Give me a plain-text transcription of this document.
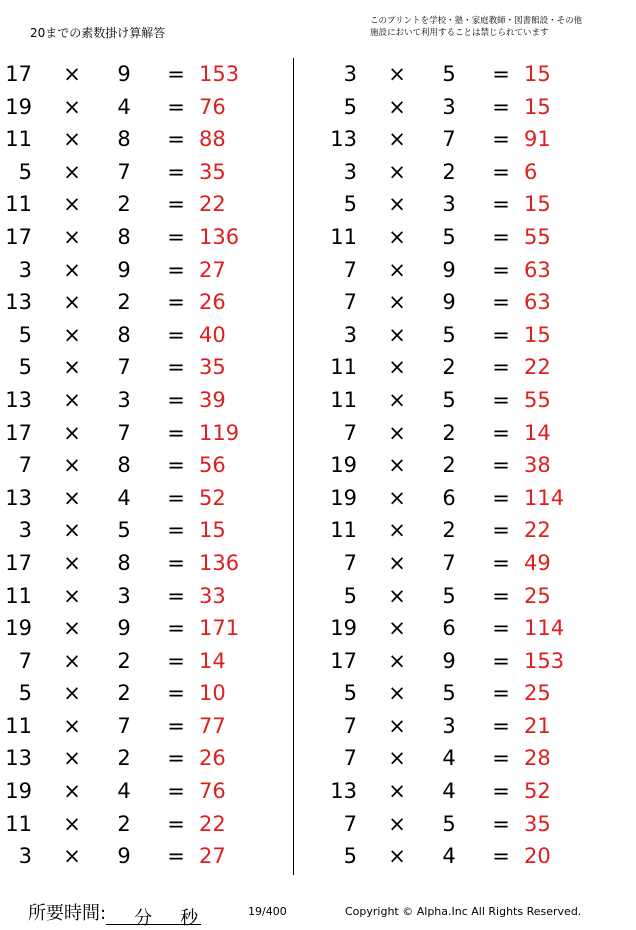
20までの素数掛け算解答
このプリントを学校・塾・家庭教師・図書館設・その他
施設において利用することは禁じられています
17 × 9 = 153
19 × 4 = 76
11 × 8 = 88
5 × 7 = 35
11 × 2 = 22
17 × 8 = 136
3 × 9 = 27
13 × 2 = 26
5 × 8 = 40
5 × 7 = 35
13 × 3 = 39
17 × 7 = 119
7 × 8 = 56
13 × 4 = 52
3 × 5 = 15
17 × 8 = 136
11 × 3 = 33
19 × 9 = 171
7 × 2 = 14
5 × 2 = 10
11 × 7 = 77
13 × 2 = 26
19 × 4 = 76
11 × 2 = 22
3 × 9 = 27
3 × 5 = 15
5 × 3 = 15
13 × 7 = 91
3 × 2 = 6
5 × 3 = 15
11 × 5 = 55
7 × 9 = 63
7 × 9 = 63
3 × 5 = 15
11 × 2 = 22
11 × 5 = 55
7 × 2 = 14
19 × 2 = 38
19 × 6 = 114
11 × 2 = 22
7 × 7 = 49
5 × 5 = 25
19 × 6 = 114
17 × 9 = 153
5 × 5 = 25
7 × 3 = 21
7 × 4 = 28
13 × 4 = 52
7 × 5 = 35
5 × 4 = 20
所要時間: 分 秒	19/400	Copyright © Alpha.Inc All Rights Reserved.
